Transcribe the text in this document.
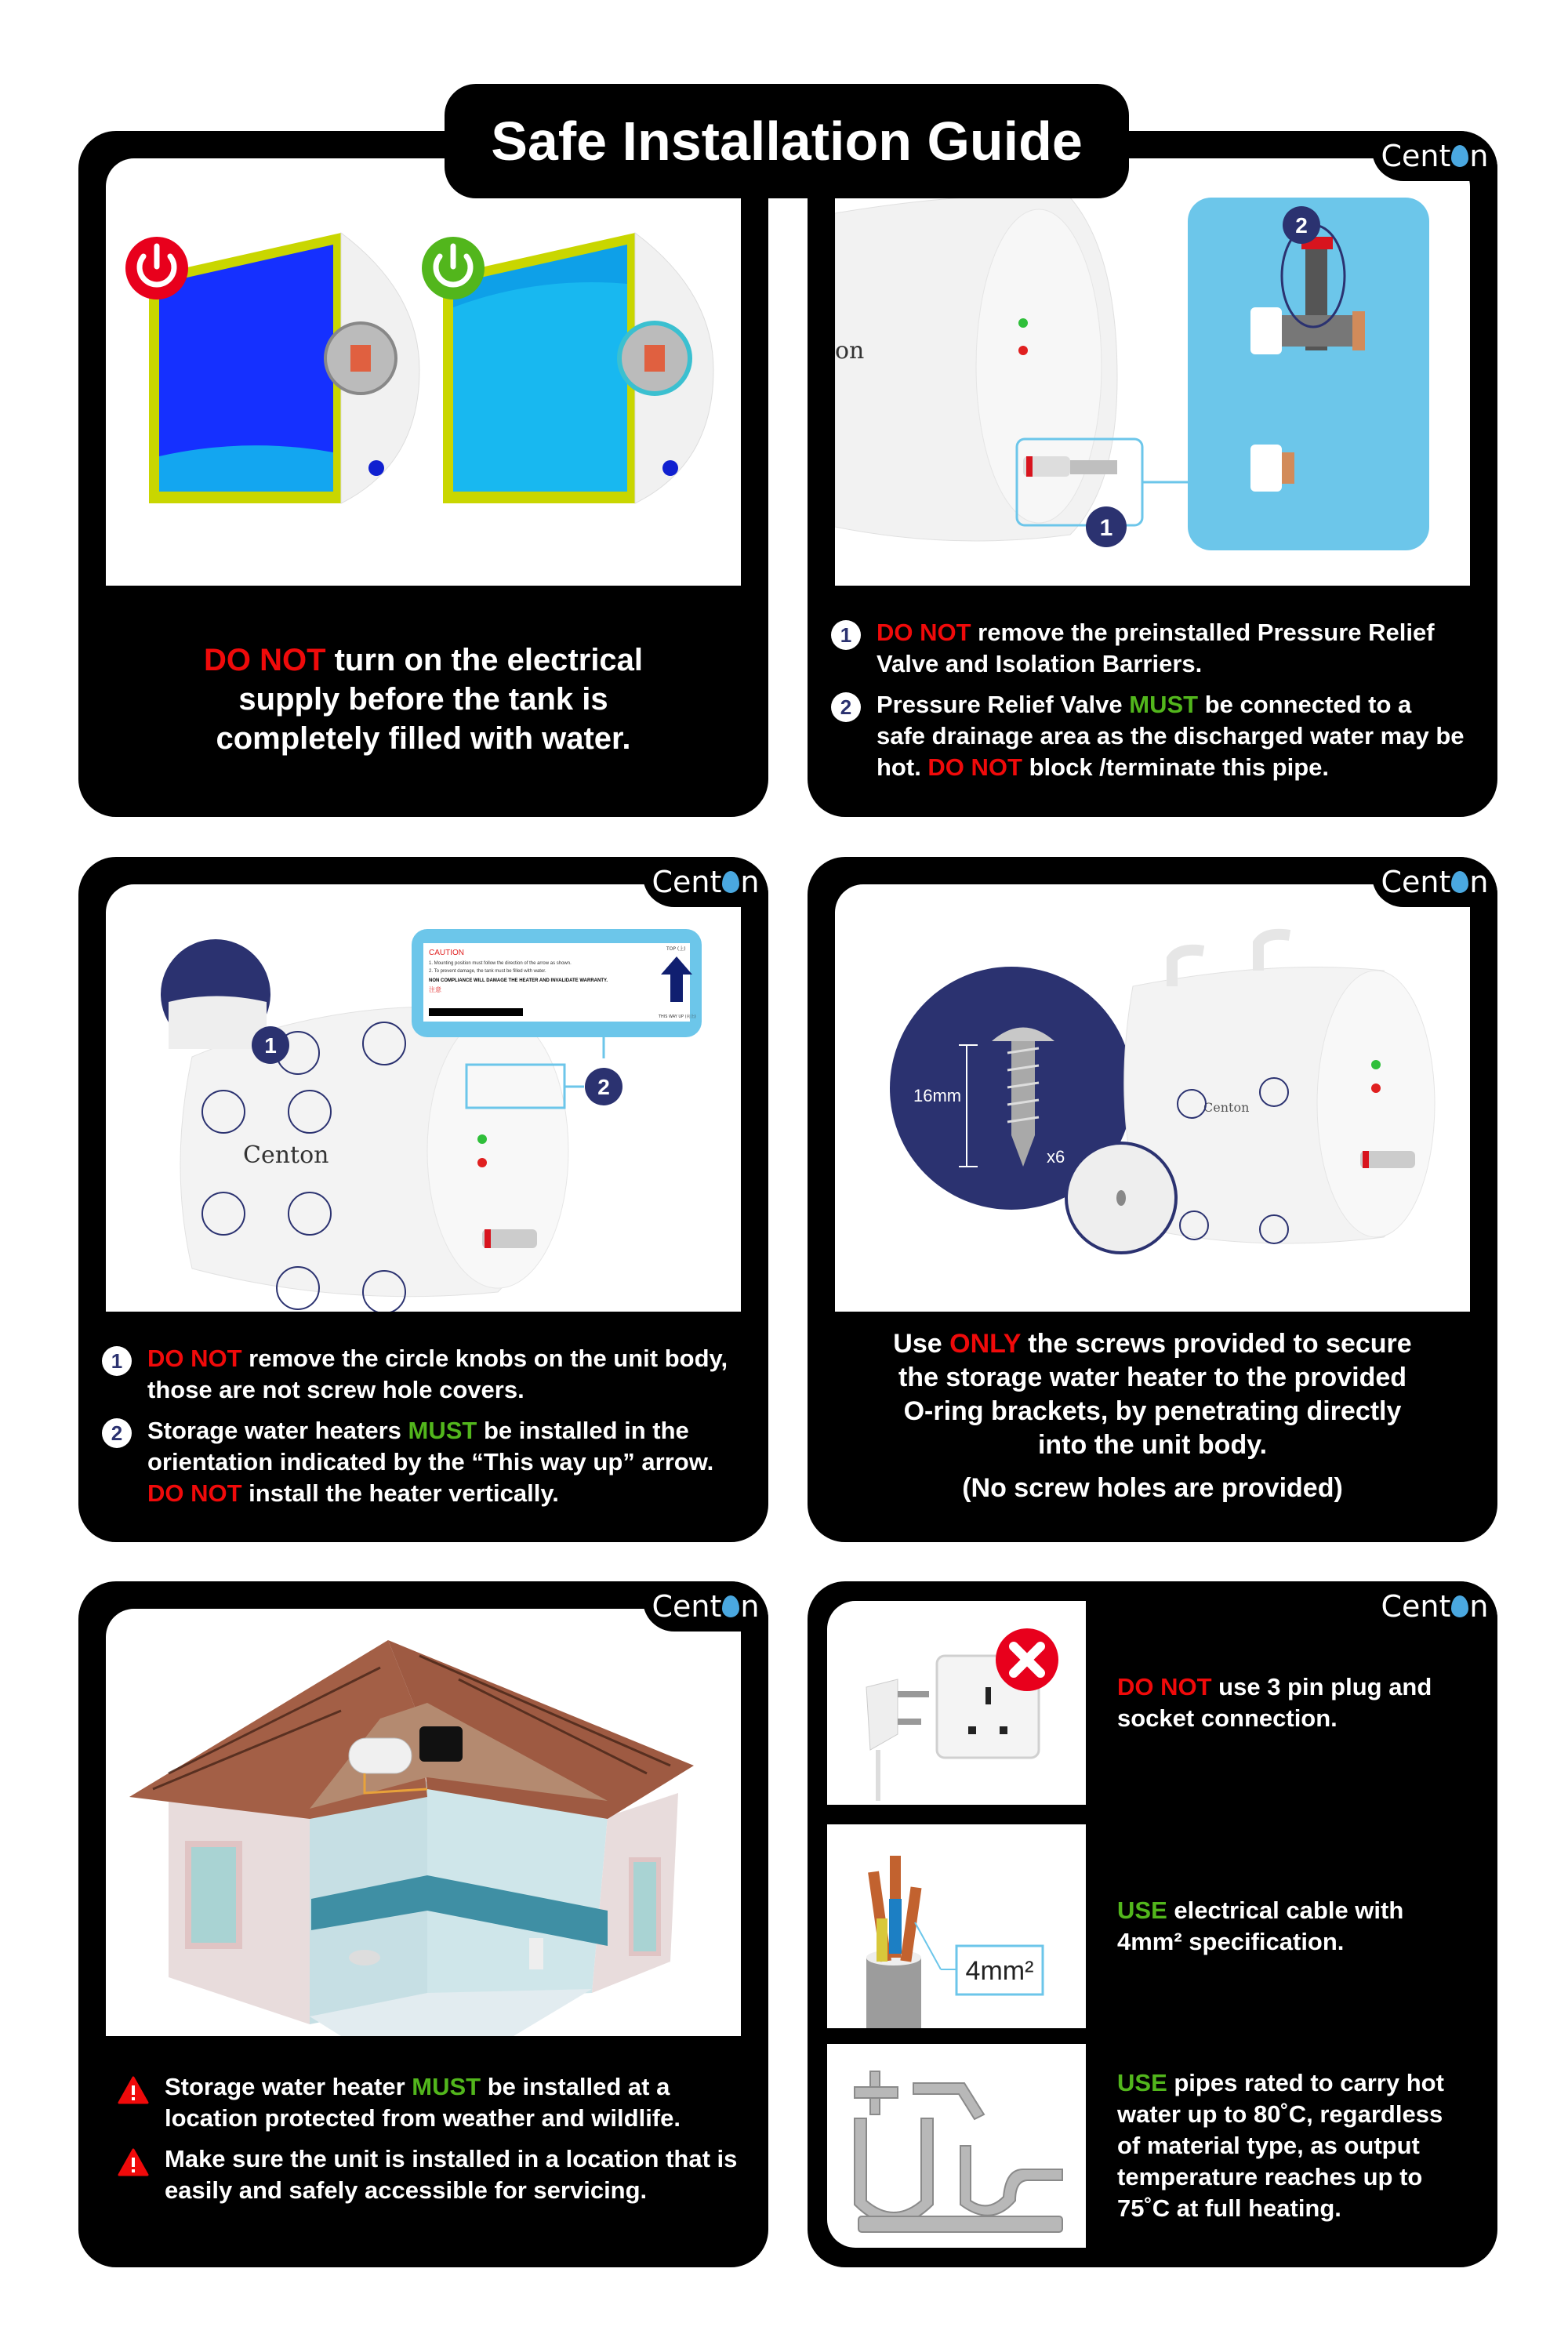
Safe Installation Guide
DO NOT turn on the electrical
supply before the tank is
completely filled with water.
Cent n
on
1
2
1	DO NOT remove the preinstalled Pressure Relief Valve and Isolation Barriers.
2	Pressure Relief Valve MUST be connected to a safe drainage area as the discharged water may be hot. DO NOT block /terminate this pipe.
Cent n
Centon
1
2
CAUTION
1. Mounting position must follow the direction of the arrow as shown.
2. To prevent damage, the tank must be filled with water.
NON COMPLIANCE WILL DAMAGE THE HEATER AND INVALIDATE WARRANTY.
注意
TOP (上)
THIS WAY UP (向上)
1	DO NOT remove the circle knobs on the unit body, those are not screw hole covers.
2	Storage water heaters MUST be installed in the orientation indicated by the “This way up” arrow. DO NOT install the heater vertically.
Cent n
16mm
x6
Centon
Use ONLY the screws provided to secure
the storage water heater to the provided
O-ring brackets, by penetrating directly
into the unit body.
(No screw holes are provided)
Cent n
Storage water heater MUST be installed at a location protected from weather and wildlife.
Make sure the unit is installed in a location that is easily and safely accessible for servicing.
Cent n
DO NOT use 3 pin plug and socket connection.
4mm²
USE electrical cable with 4mm² specification.
USE pipes rated to carry hot water up to 80˚C, regardless of material type, as output temperature reaches up to 75˚C at full heating.
